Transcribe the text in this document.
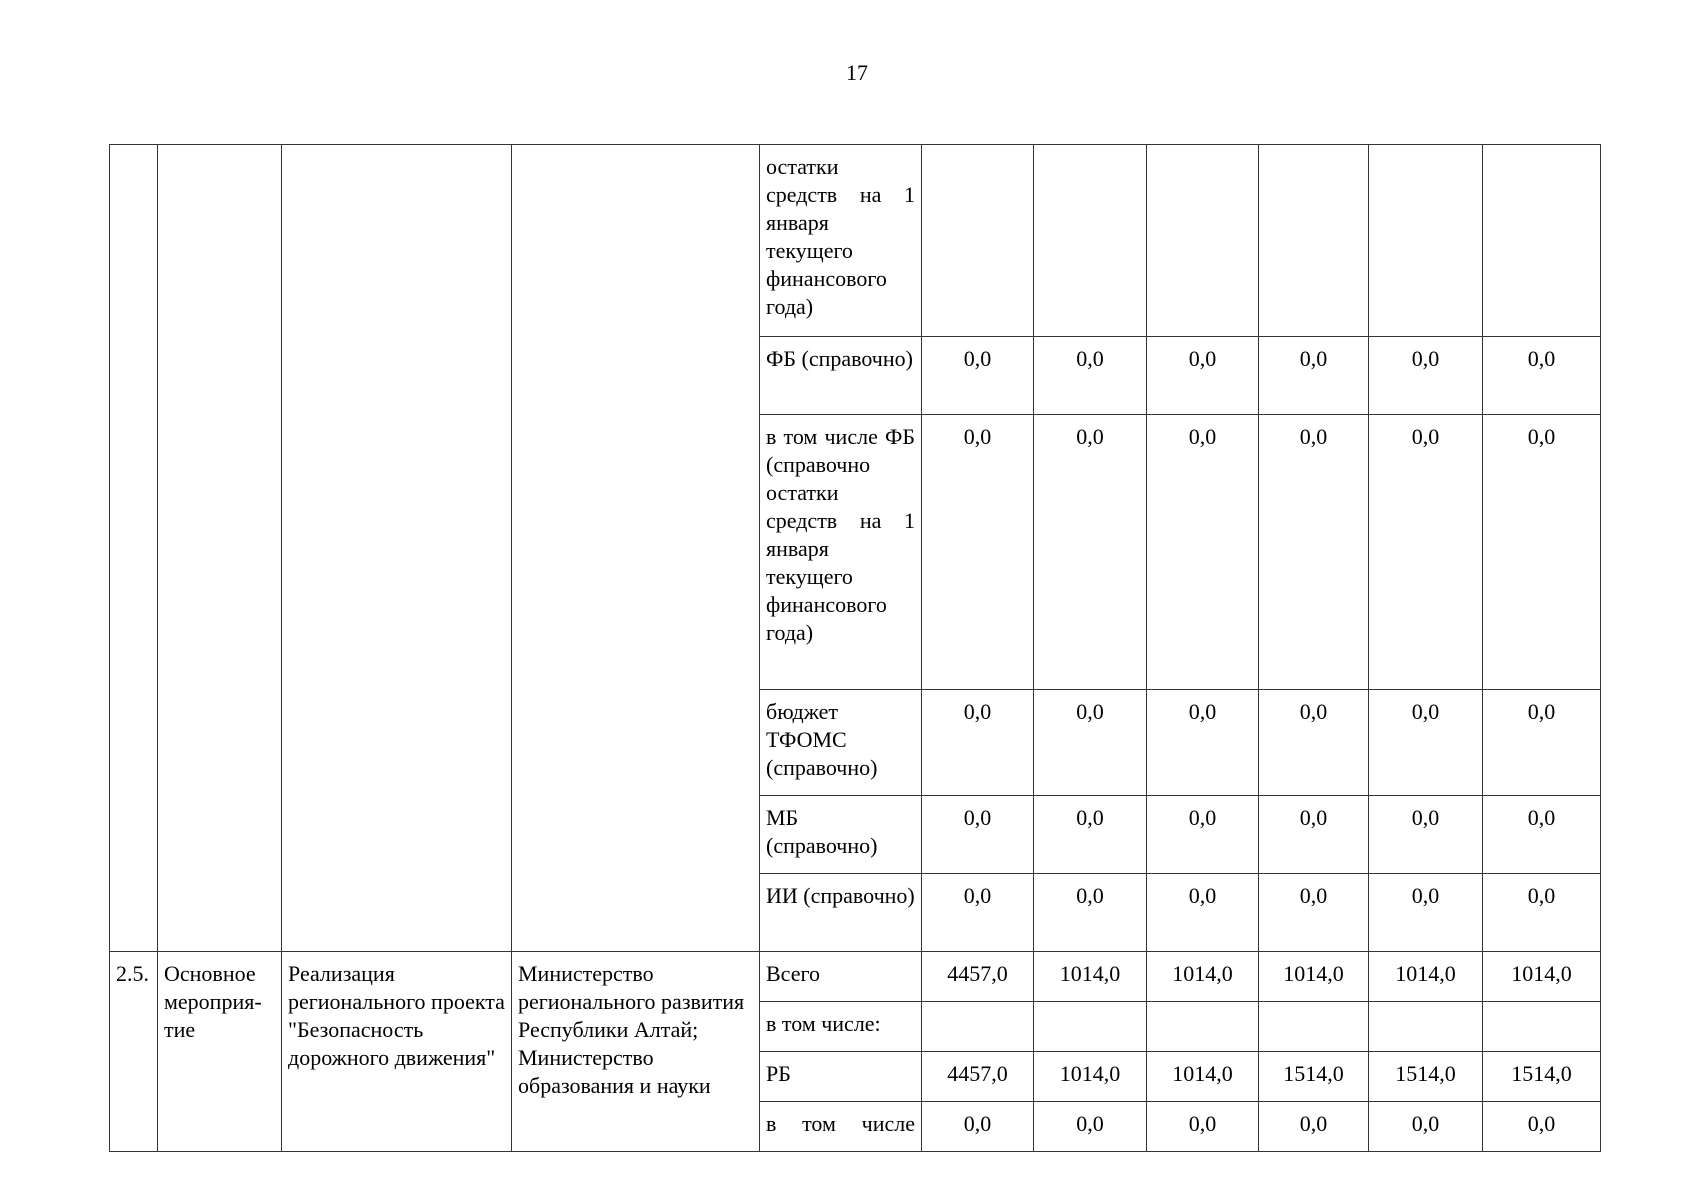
17
				остатки средств на 1 января текущего финансового года)						
				ФБ (справочно)	0,0	0,0	0,0	0,0	0,0	0,0
				в том числе ФБ (справочно остатки средств на 1 января текущего финансового года)	0,0	0,0	0,0	0,0	0,0	0,0
				бюджет ТФОМС (справочно)	0,0	0,0	0,0	0,0	0,0	0,0
				МБ (справочно)	0,0	0,0	0,0	0,0	0,0	0,0
				ИИ (справочно)	0,0	0,0	0,0	0,0	0,0	0,0
2.5.	Основное мероприя-тие	Реализация регионального проекта "Безопасность дорожного движения"	Министерство регионального развития Республики Алтай; Министерство образования и науки	Всего	4457,0	1014,0	1014,0	1014,0	1014,0	1014,0
				в том числе:						
				РБ	4457,0	1014,0	1014,0	1514,0	1514,0	1514,0
				в том числе	0,0	0,0	0,0	0,0	0,0	0,0
